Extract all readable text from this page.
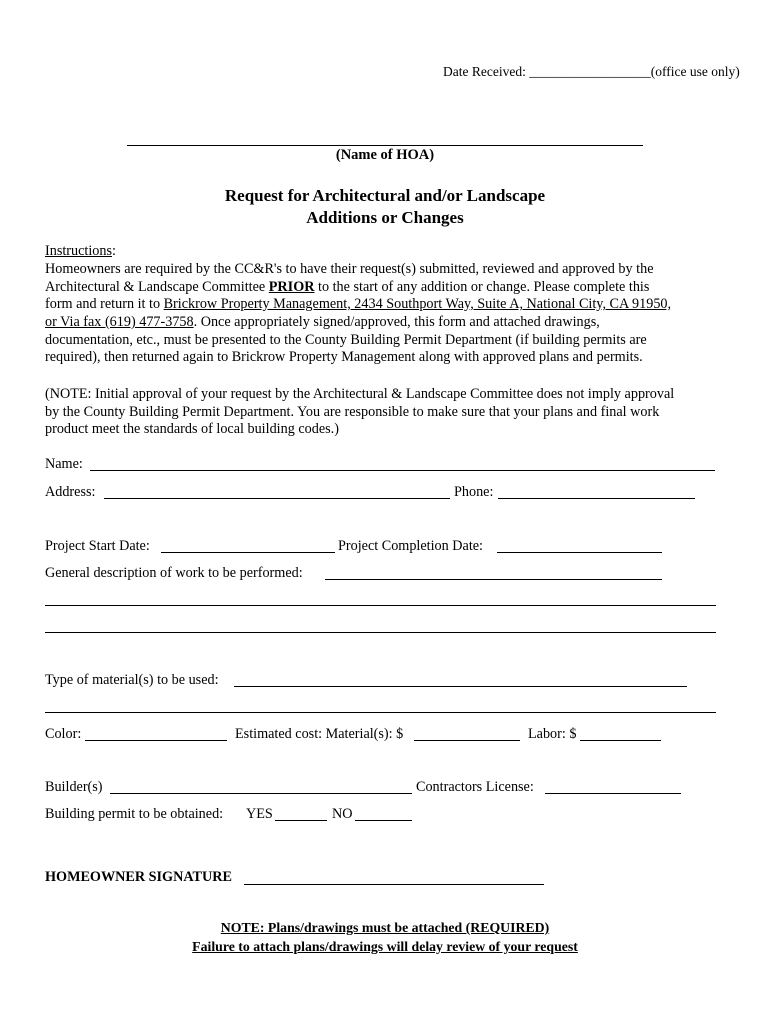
Date Received: __________________(office use only)
(Name of HOA)
Request for Architectural and/or Landscape
Additions or Changes
Instructions:
Homeowners are required by the CC&R's to have their request(s) submitted, reviewed and approved by the
Architectural & Landscape Committee PRIOR to the start of any addition or change. Please complete this
form and return it to Brickrow Property Management, 2434 Southport Way, Suite A, National City, CA 91950,
or Via fax (619) 477-3758. Once appropriately signed/approved, this form and attached drawings,
documentation, etc., must be presented to the County Building Permit Department (if building permits are
required), then returned again to Brickrow Property Management along with approved plans and permits.
(NOTE: Initial approval of your request by the Architectural & Landscape Committee does not imply approval
by the County Building Permit Department. You are responsible to make sure that your plans and final work
product meet the standards of local building codes.)
Name:
Address:	Phone:
Project Start Date:	Project Completion Date:
General description of work to be performed:
Type of material(s) to be used:
Color:	Estimated cost: Material(s): $	Labor: $
Builder(s)	Contractors License:
Building permit to be obtained: YES	NO
HOMEOWNER SIGNATURE
NOTE: Plans/drawings must be attached (REQUIRED)
Failure to attach plans/drawings will delay review of your request
